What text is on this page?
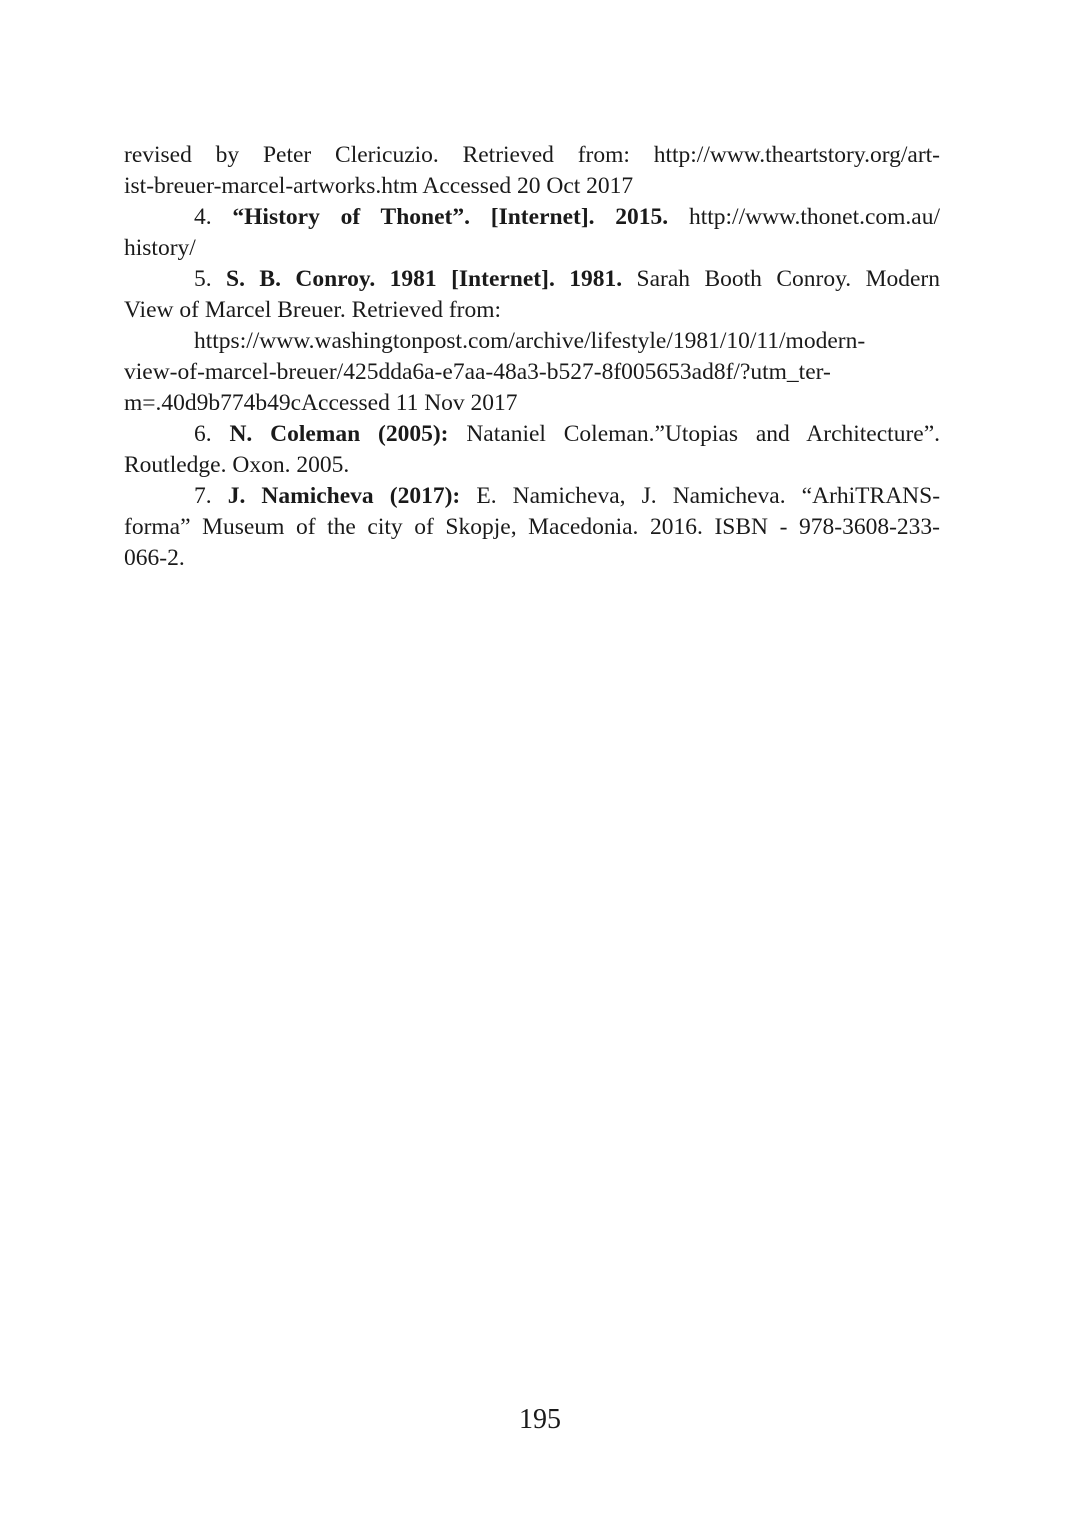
revised by Peter Clericuzio. Retrieved from: http://www.theartstory.org/art-
ist-breuer-marcel-artworks.htm Accessed 20 Oct 2017
4. “History of Thonet”. [Internet]. 2015. http://www.thonet.com.au/
history/
5. S. B. Conroy. 1981 [Internet]. 1981. Sarah Booth Conroy. Modern
View of Marcel Breuer. Retrieved from:
https://www.washingtonpost.com/archive/lifestyle/1981/10/11/modern-
view-of-marcel-breuer/425dda6a-e7aa-48a3-b527-8f005653ad8f/?utm_ter-
m=.40d9b774b49cAccessed 11 Nov 2017
6. N. Coleman (2005): Nataniel Coleman.”Utopias and Architecture”.
Routledge. Oxon. 2005.
7. J. Namicheva (2017): E. Namicheva, J. Namicheva. “ArhiTRANS-
forma” Museum of the city of Skopje, Macedonia. 2016. ISBN - 978-3608-233-
066-2.
195
